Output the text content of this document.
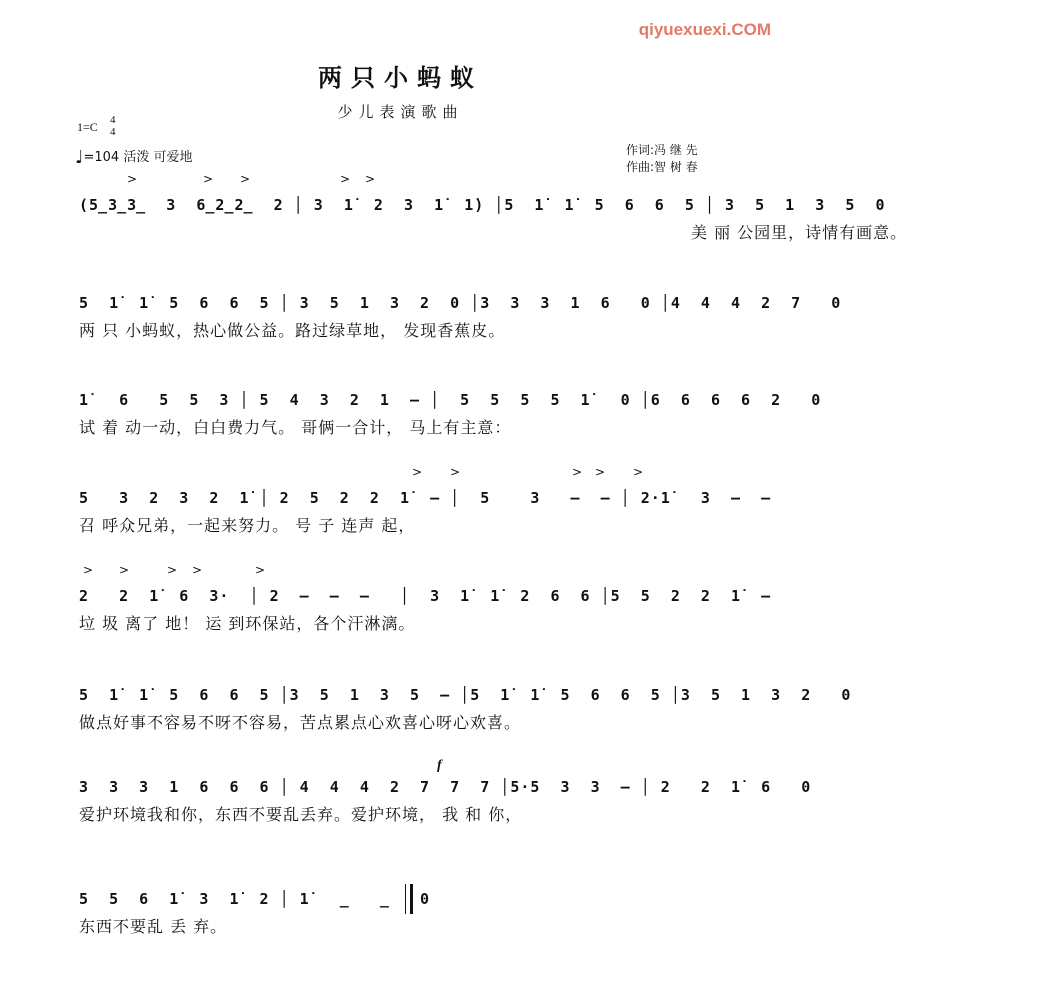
qiyuexuexi.COM
两只小蚂蚁
少儿表演歌曲
1=C 4
4
♩=104 活泼 可爱地	作词:冯 继 先
作曲:智 树 春
>	> >	> >
(5̲3̲3̲  3  6̲2̲2̲  2 │ 3  1̇  2  3  1̇  1̇) │5  1̇  1̇  5  6  6  5 │ 3  5  1  3  5  0
美 丽 公园里，诗情有画意。
5  1̇  1̇  5  6  6  5 │ 3  5  1  3  2  0 │3  3  3  1  6   0 │4  4  4  2  7   0
两 只 小蚂蚁，热心做公益。路过绿草地， 发现香蕉皮。
1̇   6   5  5  3 │ 5  4  3  2  1  – │  5  5  5  5  1̇   0 │6  6  6  6  2   0
试 着 动一动，白白费力气。 哥俩一合计， 马上有主意：
> >	> > >
5   3  2  3  2  1̇ │ 2  5  2  2  1̇  – │  5    3   –  – │ 2·1̇   3  –  –
召 呼众兄弟，一起来努力。 号 子 连声 起，
> >	> >	>
2   2  1̇  6  3·  │ 2  –  –  –   │  3  1̇  1̇  2  6  6 │5  5  2  2  1̇  –
垃 圾 离了 地！ 运 到环保站，各个汗淋漓。
5  1̇  1̇  5  6  6  5 │3  5  1  3  5  – │5  1̇  1̇  5  6  6  5 │3  5  1  3  2   0
做点好事不容易不呀不容易，苦点累点心欢喜心呀心欢喜。
f
3  3  3  1  6  6  6 │ 4  4  4  2  7  7  7 │5·5  3  3  – │ 2   2  1̇  6   0
爱护环境我和你，东西不要乱丢弃。爱护环境， 我 和 你，
5  5  6  1̇  3  1̇  2 │ 1̇   _   _   0
东西不要乱 丢 弃。
